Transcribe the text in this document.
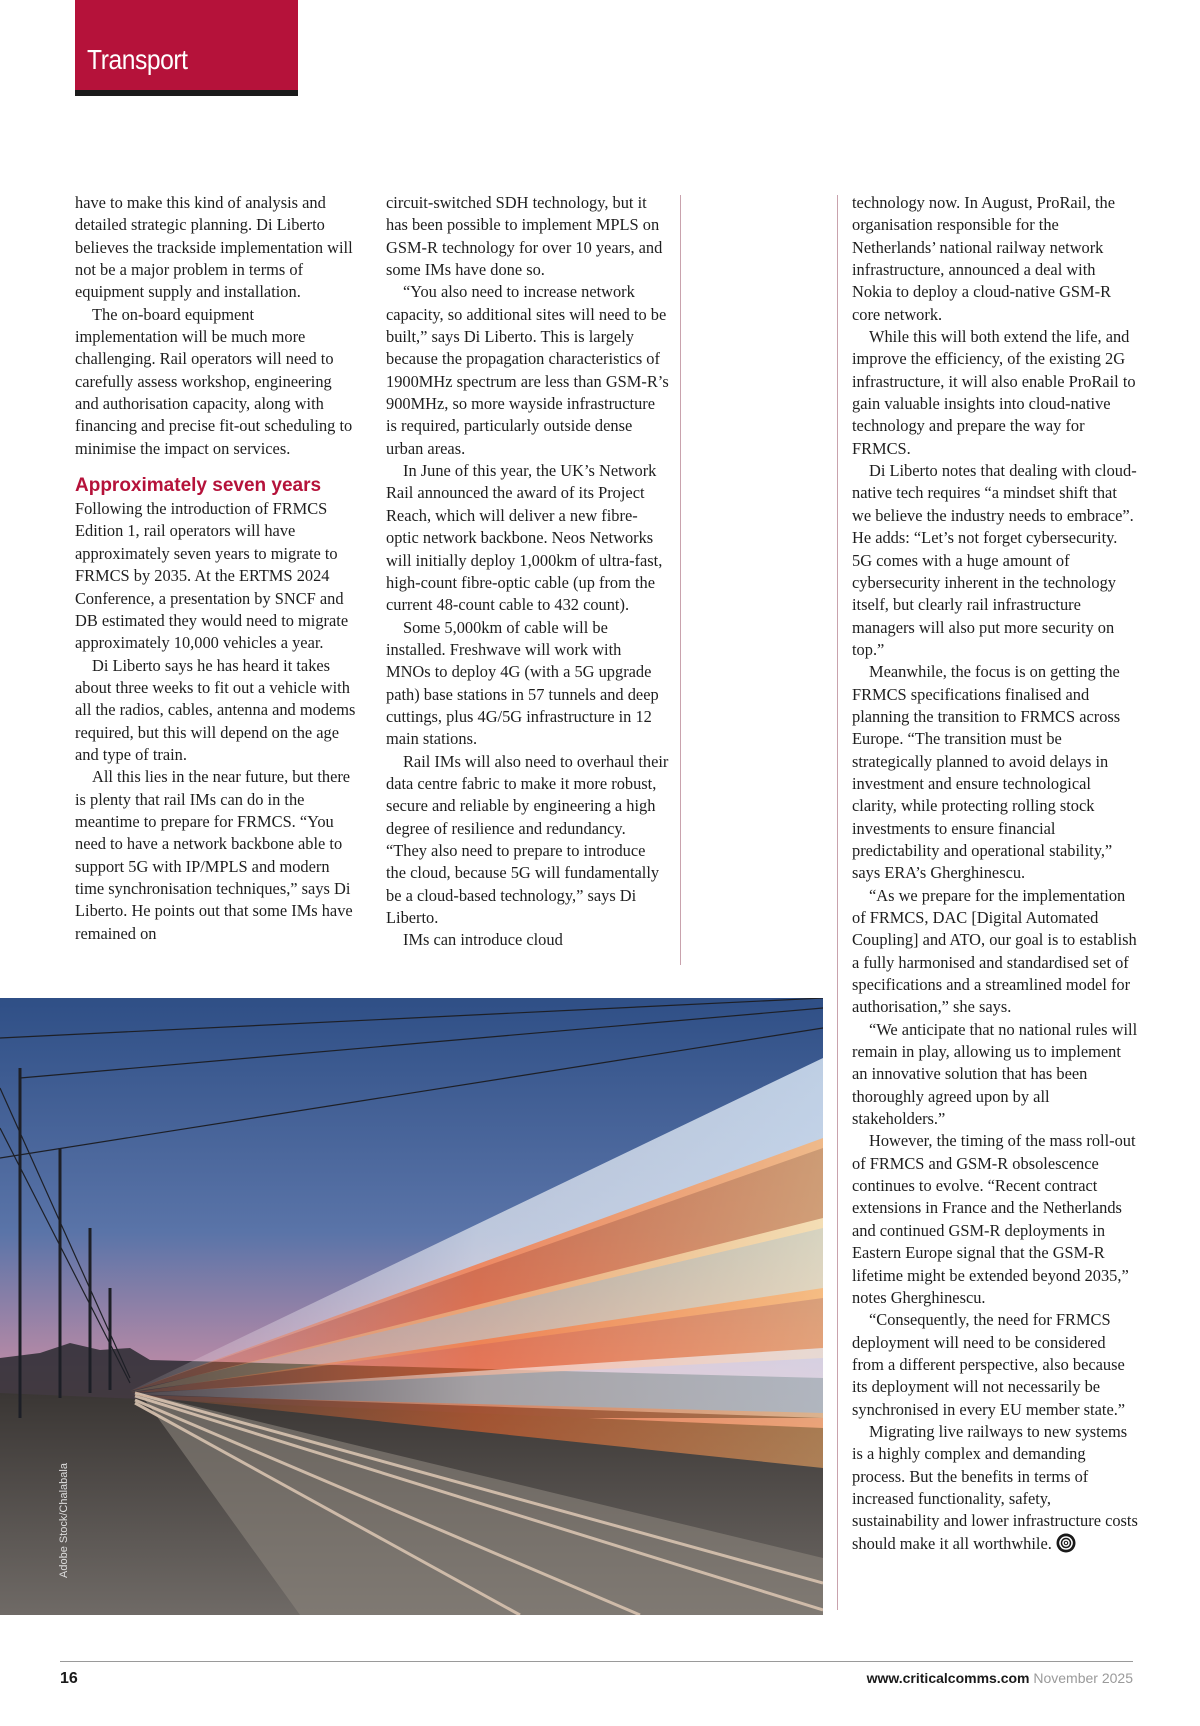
Transport

have to make this kind of analysis and detailed strategic planning. Di Liberto believes the trackside implementation will not be a major problem in terms of equipment supply and installation.

The on-board equipment implementation will be much more challenging. Rail operators will need to carefully assess workshop, engineering and authorisation capacity, along with financing and precise fit-out scheduling to minimise the impact on services.

Approximately seven years

Following the introduction of FRMCS Edition 1, rail operators will have approximately seven years to migrate to FRMCS by 2035. At the ERTMS 2024 Conference, a presentation by SNCF and DB estimated they would need to migrate approximately 10,000 vehicles a year.

Di Liberto says he has heard it takes about three weeks to fit out a vehicle with all the radios, cables, antenna and modems required, but this will depend on the age and type of train.

All this lies in the near future, but there is plenty that rail IMs can do in the meantime to prepare for FRMCS. “You need to have a network backbone able to support 5G with IP/MPLS and modern time synchronisation techniques,” says Di Liberto. He points out that some IMs have remained on

circuit-switched SDH technology, but it has been possible to implement MPLS on GSM-R technology for over 10 years, and some IMs have done so.

“You also need to increase network capacity, so additional sites will need to be built,” says Di Liberto. This is largely because the propagation characteristics of 1900MHz spectrum are less than GSM-R’s 900MHz, so more wayside infrastructure is required, particularly outside dense urban areas.

In June of this year, the UK’s Network Rail announced the award of its Project Reach, which will deliver a new fibre-optic network backbone. Neos Networks will initially deploy 1,000km of ultra-fast, high-count fibre-optic cable (up from the current 48-count cable to 432 count).

Some 5,000km of cable will be installed. Freshwave will work with MNOs to deploy 4G (with a 5G upgrade path) base stations in 57 tunnels and deep cuttings, plus 4G/5G infrastructure in 12 main stations.

Rail IMs will also need to overhaul their data centre fabric to make it more robust, secure and reliable by engineering a high degree of resilience and redundancy. “They also need to prepare to introduce the cloud, because 5G will fundamentally be a cloud-based technology,” says Di Liberto.

IMs can introduce cloud

technology now. In August, ProRail, the organisation responsible for the Netherlands’ national railway network infrastructure, announced a deal with Nokia to deploy a cloud-native GSM-R core network.

While this will both extend the life, and improve the efficiency, of the existing 2G infrastructure, it will also enable ProRail to gain valuable insights into cloud-native technology and prepare the way for FRMCS.

Di Liberto notes that dealing with cloud-native tech requires “a mindset shift that we believe the industry needs to embrace”. He adds: “Let’s not forget cybersecurity. 5G comes with a huge amount of cybersecurity inherent in the technology itself, but clearly rail infrastructure managers will also put more security on top.”

Meanwhile, the focus is on getting the FRMCS specifications finalised and planning the transition to FRMCS across Europe. “The transition must be strategically planned to avoid delays in investment and ensure technological clarity, while protecting rolling stock investments to ensure financial predictability and operational stability,” says ERA’s Gherghinescu.

“As we prepare for the implementation of FRMCS, DAC [Digital Automated Coupling] and ATO, our goal is to establish a fully harmonised and standardised set of specifications and a streamlined model for authorisation,” she says.

“We anticipate that no national rules will remain in play, allowing us to implement an innovative solution that has been thoroughly agreed upon by all stakeholders.”

However, the timing of the mass roll-out of FRMCS and GSM-R obsolescence continues to evolve. “Recent contract extensions in France and the Netherlands and continued GSM-R deployments in Eastern Europe signal that the GSM-R lifetime might be extended beyond 2035,” notes Gherghinescu.

“Consequently, the need for FRMCS deployment will need to be considered from a different perspective, also because its deployment will not necessarily be synchronised in every EU member state.”

Migrating live railways to new systems is a highly complex and demanding process. But the benefits in terms of increased functionality, safety, sustainability and lower infrastructure costs should make it all worthwhile.

Adobe Stock/Chalabala
16	www.criticalcomms.com November 2025
